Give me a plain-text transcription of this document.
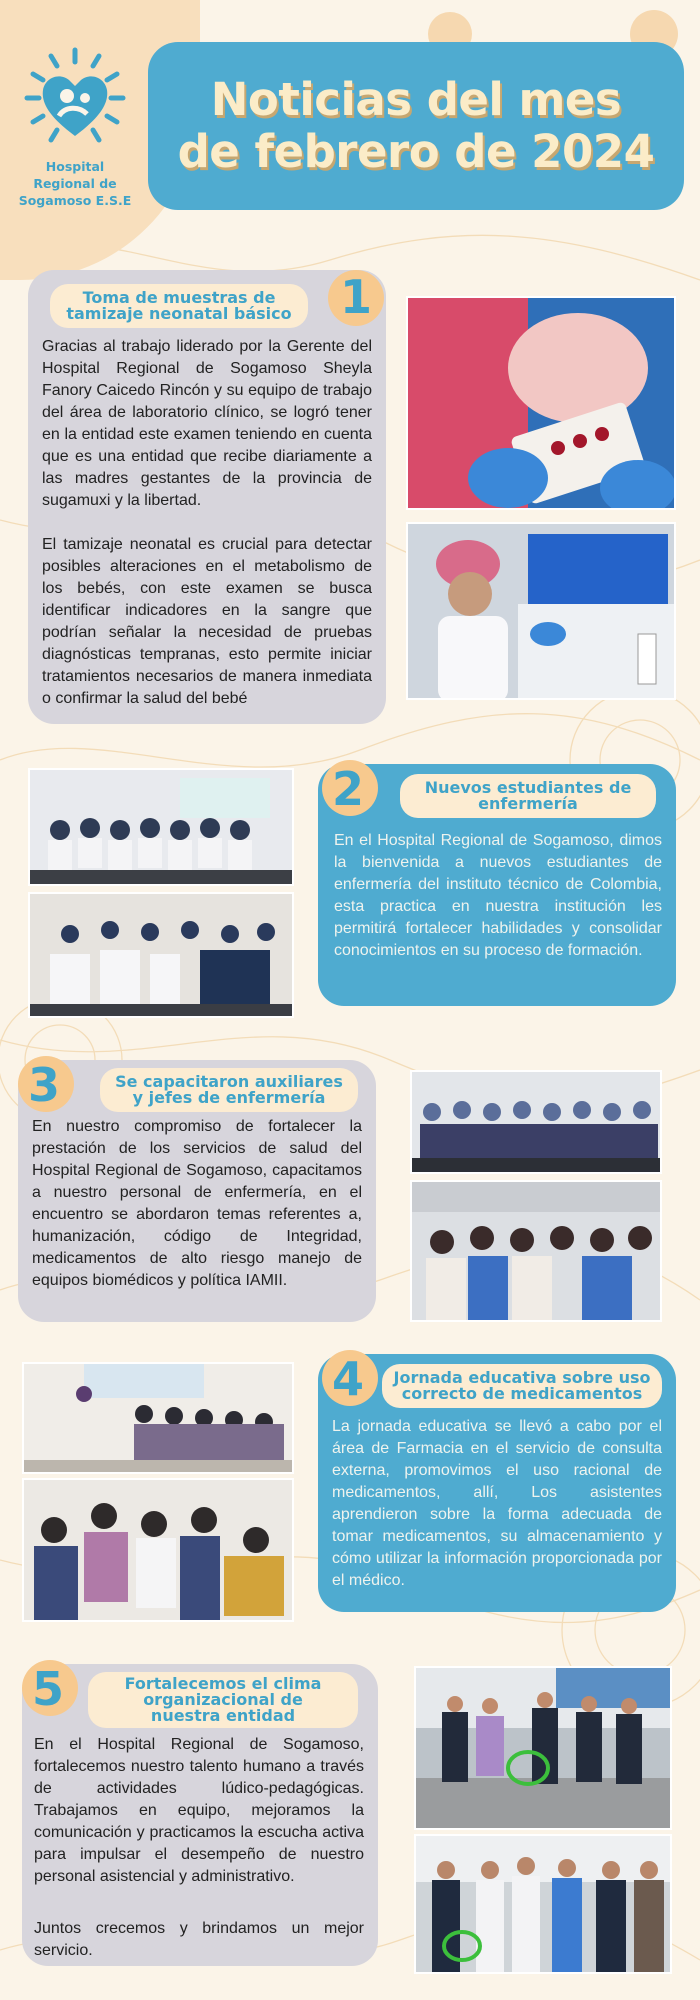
Hospital
Regional de
Sogamoso E.S.E
Noticias del mes
de febrero de 2024
Toma de muestras de
tamizaje neonatal básico 1
Gracias al trabajo liderado por la Gerente del Hospital Regional de Sogamoso Sheyla Fanory Caicedo Rincón y su equipo de trabajo del área de laboratorio clínico, se logró tener en la entidad este examen teniendo en cuenta que es una entidad que recibe diariamente a las madres gestantes de la provincia de sugamuxi y la libertad.
El tamizaje neonatal es crucial para detectar posibles alteraciones en el metabolismo de los bebés, con este examen se busca identificar indicadores en la sangre que podrían señalar la necesidad de pruebas diagnósticas tempranas, esto permite iniciar tratamientos necesarios de manera inmediata o confirmar la salud del bebé
2	Nuevos estudiantes de
enfermería
En el Hospital Regional de Sogamoso, dimos la bienvenida a nuevos estudiantes de enfermería del instituto técnico de Colombia, esta practica en nuestra institución les permitirá fortalecer habilidades y consolidar conocimientos en su proceso de formación.
3	Se capacitaron auxiliares
y jefes de enfermería
En nuestro compromiso de fortalecer la prestación de los servicios de salud del Hospital Regional de Sogamoso, capacitamos a nuestro personal de enfermería, en el encuentro se abordaron temas referentes a, humanización, código de Integridad, medicamentos de alto riesgo manejo de equipos biomédicos y política IAMII.
4 Jornada educativa sobre uso
correcto de medicamentos
La jornada educativa se llevó a cabo por el área de Farmacia en el servicio de consulta externa, promovimos el uso racional de medicamentos, allí, Los asistentes aprendieron sobre la forma adecuada de tomar medicamentos, su almacenamiento y cómo utilizar la información proporcionada por el médico.
5	Fortalecemos el clima
organizacional de
nuestra entidad
En el Hospital Regional de Sogamoso, fortalecemos nuestro talento humano a través de actividades lúdico-pedagógicas. Trabajamos en equipo, mejoramos la comunicación y practicamos la escucha activa para impulsar el desempeño de nuestro personal asistencial y administrativo.
Juntos crecemos y brindamos un mejor servicio.
